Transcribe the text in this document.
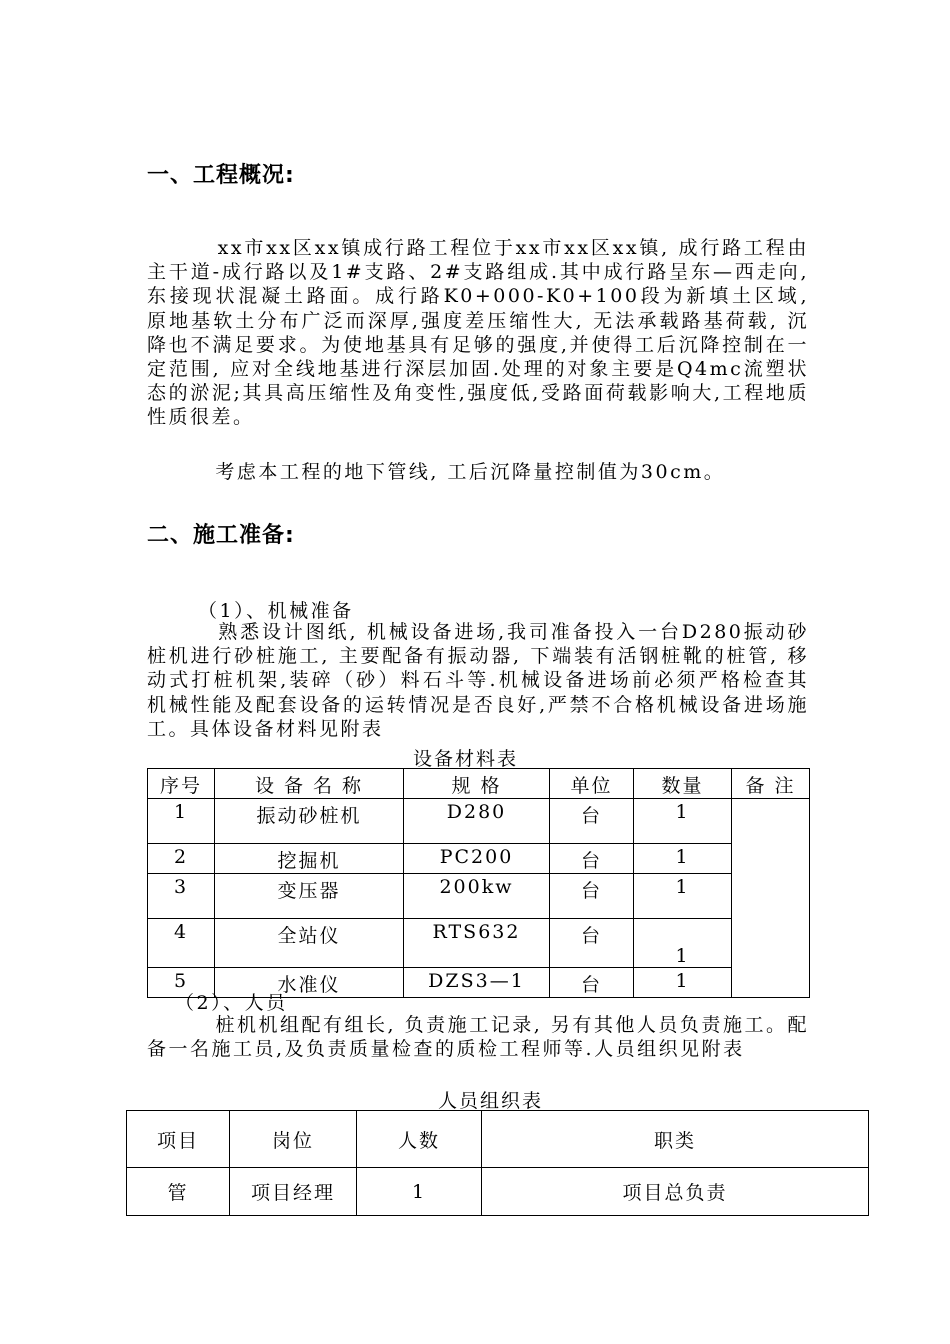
一、工程概况:
xx市xx区xx镇成行路工程位于xx市xx区xx镇, 成行路工程由主干道-成行路以及1#支路、2#支路组成.其中成行路呈东—西走向,东接现状混凝土路面。成行路K0+000-K0+100段为新填土区域, 原地基软土分布广泛而深厚,强度差压缩性大, 无法承载路基荷载, 沉降也不满足要求。为使地基具有足够的强度,并使得工后沉降控制在一定范围, 应对全线地基进行深层加固.处理的对象主要是Q4mc流塑状态的淤泥;其具高压缩性及角变性,强度低,受路面荷载影响大,工程地质性质很差。
考虑本工程的地下管线, 工后沉降量控制值为30cm。
二、施工准备:
（1）、机械准备
熟悉设计图纸, 机械设备进场,我司准备投入一台D280振动砂桩机进行砂桩施工, 主要配备有振动器, 下端装有活钢桩靴的桩管, 移动式打桩机架,装碎（砂）料石斗等.机械设备进场前必须严格检查其机械性能及配套设备的运转情况是否良好,严禁不合格机械设备进场施工。具体设备材料见附表
设备材料表
序号	设 备 名 称	规 格	单位	数量	备 注
1	振动砂桩机	D280	台	1	
2	挖掘机	PC200	台	1	
3	变压器	200kw	台	1	
4	全站仪	RTS632	台	1	
5	水准仪	DZS3—1	台	1	
（2）、人员
桩机机组配有组长, 负责施工记录, 另有其他人员负责施工。配备一名施工员,及负责质量检查的质检工程师等.人员组织见附表
人员组织表
项目	岗位	人数	职类
管	项目经理	1	项目总负责
